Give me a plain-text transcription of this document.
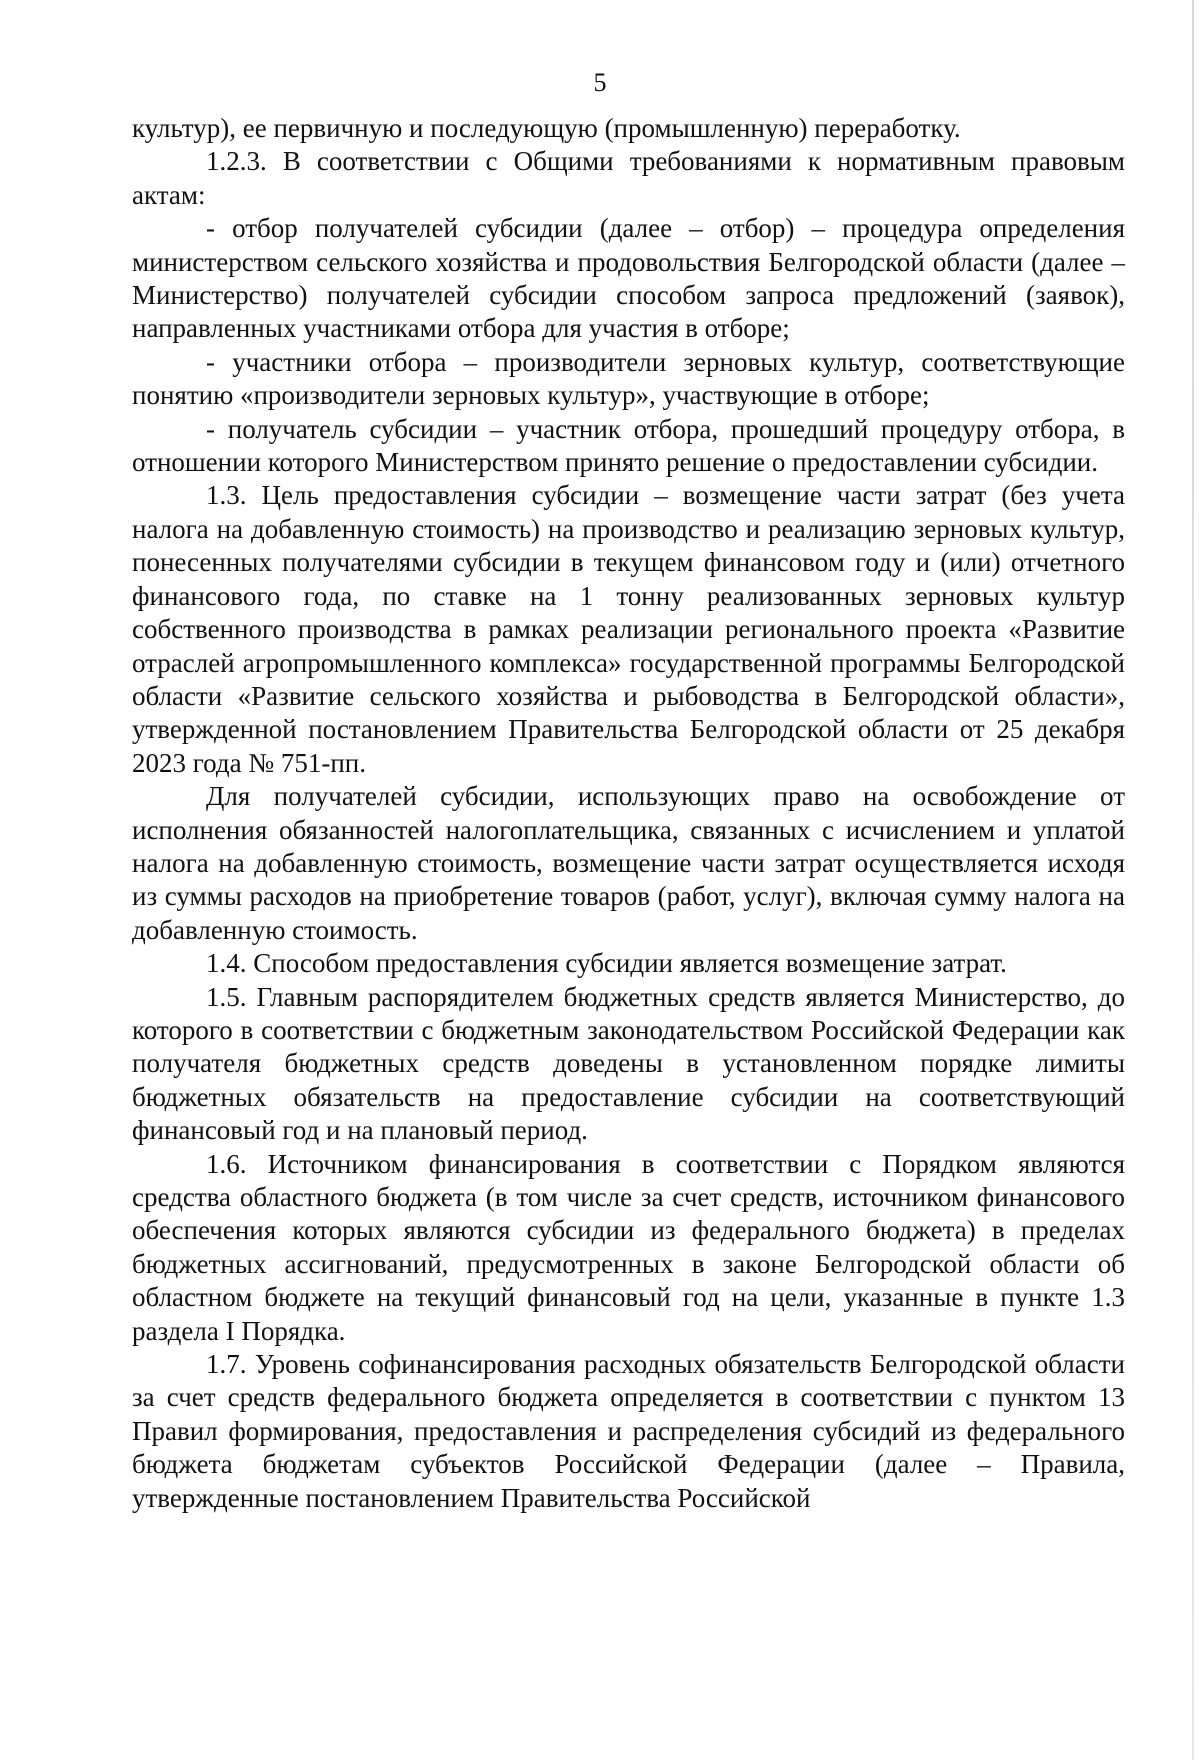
5

культур), ее первичную и последующую (промышленную) переработку.

1.2.3. В соответствии с Общими требованиями к нормативным правовым актам:

- отбор получателей субсидии (далее – отбор) – процедура определения министерством сельского хозяйства и продовольствия Белгородской области (далее – Министерство) получателей субсидии способом запроса предложений (заявок), направленных участниками отбора для участия в отборе;

- участники отбора – производители зерновых культур, соответствующие понятию «производители зерновых культур», участвующие в отборе;

- получатель субсидии – участник отбора, прошедший процедуру отбора, в отношении которого Министерством принято решение о предоставлении субсидии.

1.3. Цель предоставления субсидии – возмещение части затрат (без учета налога на добавленную стоимость) на производство и реализацию зерновых культур, понесенных получателями субсидии в текущем финансовом году и (или) отчетного финансового года, по ставке на 1 тонну реализованных зерновых культур собственного производства в рамках реализации регионального проекта «Развитие отраслей агропромышленного комплекса» государственной программы Белгородской области «Развитие сельского хозяйства и рыбоводства в Белгородской области», утвержденной постановлением Правительства Белгородской области от 25 декабря 2023 года № 751-пп.

Для получателей субсидии, использующих право на освобождение от исполнения обязанностей налогоплательщика, связанных с исчислением и уплатой налога на добавленную стоимость, возмещение части затрат осуществляется исходя из суммы расходов на приобретение товаров (работ, услуг), включая сумму налога на добавленную стоимость.

1.4. Способом предоставления субсидии является возмещение затрат.

1.5. Главным распорядителем бюджетных средств является Министерство, до которого в соответствии с бюджетным законодательством Российской Федерации как получателя бюджетных средств доведены в установленном порядке лимиты бюджетных обязательств на предоставление субсидии на соответствующий финансовый год и на плановый период.

1.6. Источником финансирования в соответствии с Порядком являются средства областного бюджета (в том числе за счет средств, источником финансового обеспечения которых являются субсидии из федерального бюджета) в пределах бюджетных ассигнований, предусмотренных в законе Белгородской области об областном бюджете на текущий финансовый год на цели, указанные в пункте 1.3 раздела I Порядка.

1.7. Уровень софинансирования расходных обязательств Белгородской области за счет средств федерального бюджета определяется в соответствии с пунктом 13 Правил формирования, предоставления и распределения субсидий из федерального бюджета бюджетам субъектов Российской Федерации (далее – Правила, утвержденные постановлением Правительства Российской
